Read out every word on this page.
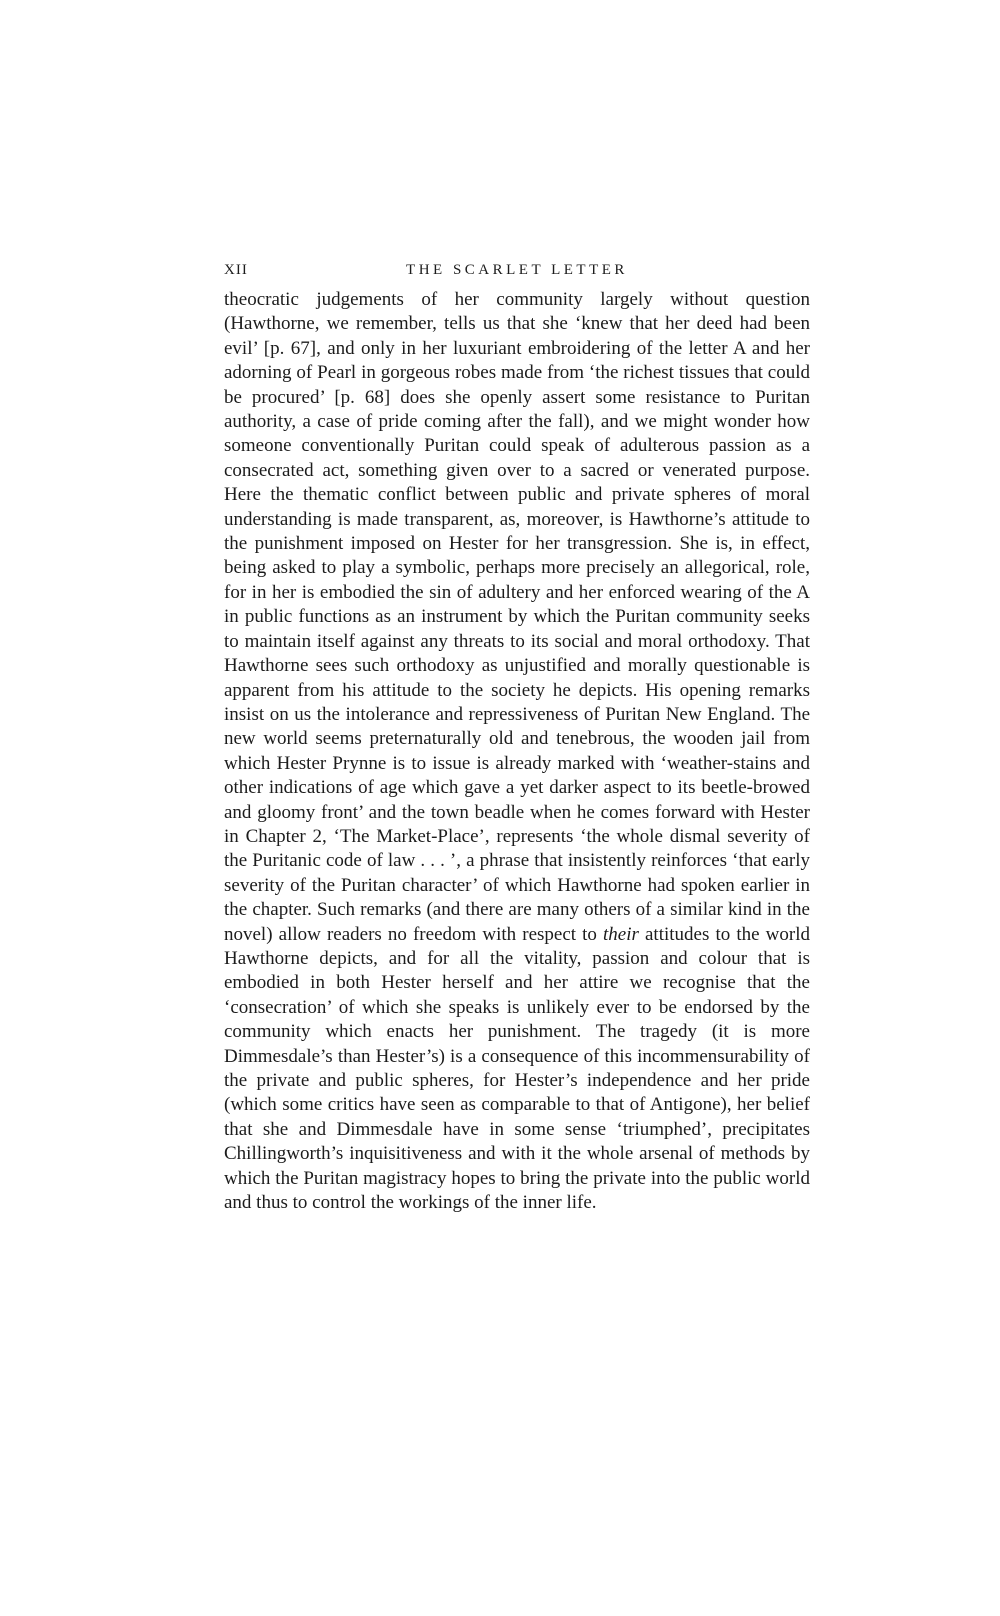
XII	THE SCARLET LETTER

theocratic judgements of her community largely without question (Hawthorne, we remember, tells us that she ‘knew that her deed had been evil’ [p. 67], and only in her luxuriant embroidering of the letter A and her adorning of Pearl in gorgeous robes made from ‘the richest tissues that could be procured’ [p. 68] does she openly assert some resistance to Puritan authority, a case of pride coming after the fall), and we might wonder how someone conventionally Puritan could speak of adulterous passion as a consecrated act, something given over to a sacred or venerated purpose. Here the thematic conflict between public and private spheres of moral understanding is made transparent, as, moreover, is Hawthorne’s attitude to the punishment imposed on Hester for her transgression. She is, in effect, being asked to play a symbolic, perhaps more precisely an allegorical, role, for in her is embodied the sin of adultery and her enforced wearing of the A in public functions as an instrument by which the Puritan community seeks to maintain itself against any threats to its social and moral orthodoxy. That Hawthorne sees such orthodoxy as unjustified and morally questionable is apparent from his attitude to the society he depicts. His opening remarks insist on us the intolerance and repressiveness of Puritan New England. The new world seems preternaturally old and tenebrous, the wooden jail from which Hester Prynne is to issue is already marked with ‘weather-stains and other indications of age which gave a yet darker aspect to its beetle-browed and gloomy front’ and the town beadle when he comes forward with Hester in Chapter 2, ‘The Market-Place’, represents ‘the whole dismal severity of the Puritanic code of law . . . ’, a phrase that insistently reinforces ‘that early severity of the Puritan character’ of which Hawthorne had spoken earlier in the chapter. Such remarks (and there are many others of a similar kind in the novel) allow readers no freedom with respect to their attitudes to the world Hawthorne depicts, and for all the vitality, passion and colour that is embodied in both Hester herself and her attire we recognise that the ‘consecration’ of which she speaks is unlikely ever to be endorsed by the community which enacts her punishment. The tragedy (it is more Dimmesdale’s than Hester’s) is a consequence of this incommensurability of the private and public spheres, for Hester’s independence and her pride (which some critics have seen as comparable to that of Antigone), her belief that she and Dimmesdale have in some sense ‘triumphed’, precipitates Chillingworth’s inquisitiveness and with it the whole arsenal of methods by which the Puritan magistracy hopes to bring the private into the public world and thus to control the workings of the inner life.
